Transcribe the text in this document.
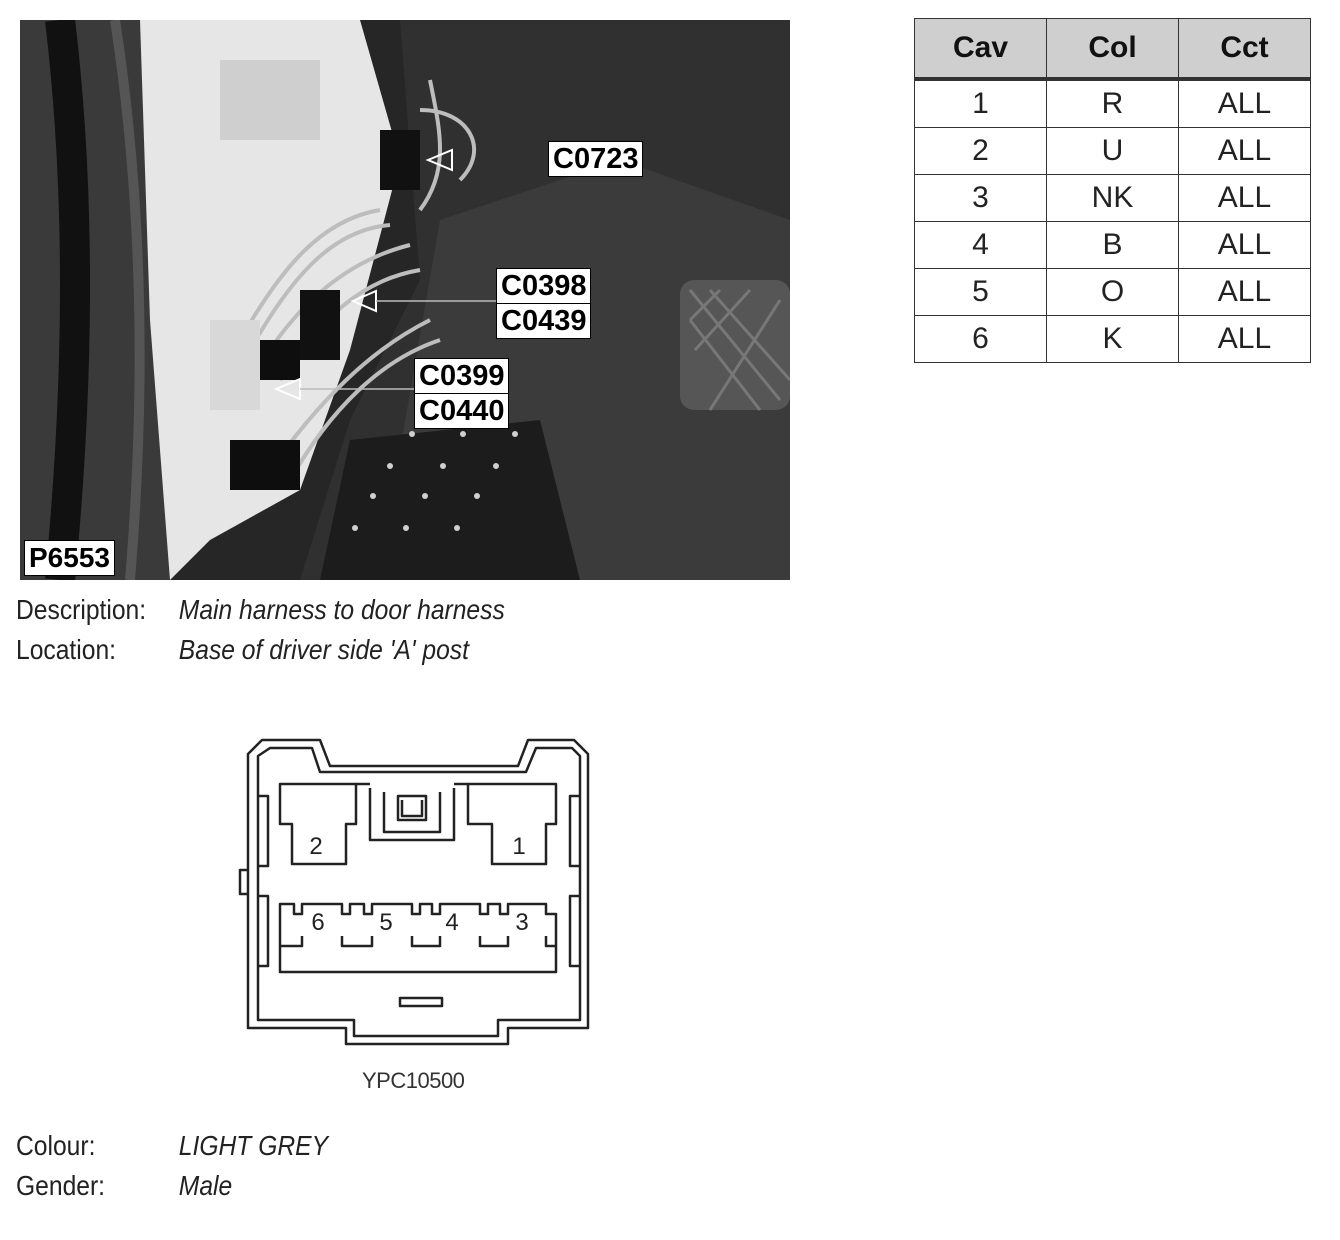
P6553
C0723
C0398
C0439
C0399
C0440
Description: Main harness to door harness
Location: Base of driver side 'A' post
Cav	Col	Cct
1	R	ALL
2	U	ALL
3	NK	ALL
4	B	ALL
5	O	ALL
6	K	ALL
1
2
3
4
5
6
YPC10500
Colour:	LIGHT GREY
Gender:	Male
